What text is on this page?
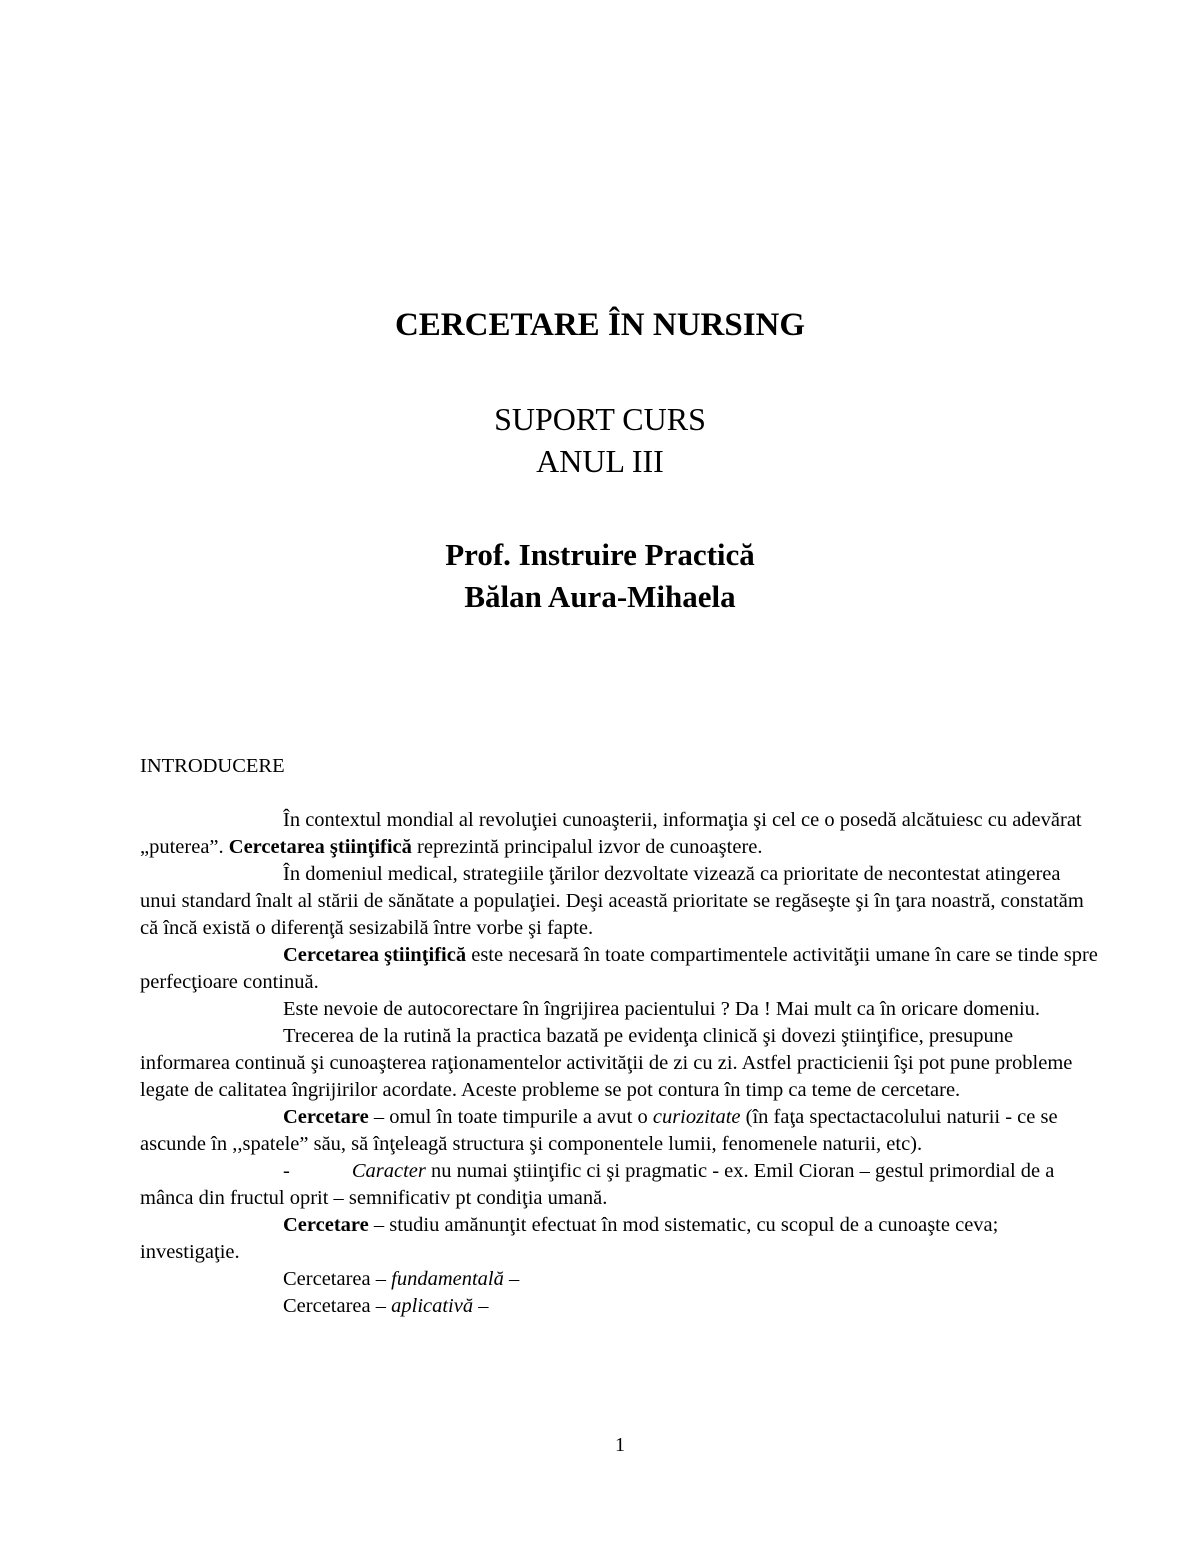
CERCETARE ÎN NURSING
SUPORT CURS
ANUL III
Prof. Instruire Practică
Bălan Aura-Mihaela

INTRODUCERE

În contextul mondial al revoluţiei cunoaşterii, informaţia şi cel ce o posedă alcătuiesc cu adevărat „puterea”. Cercetarea ştiinţifică reprezintă principalul izvor de cunoaştere.

În domeniul medical, strategiile ţărilor dezvoltate vizează ca prioritate de necontestat atingerea unui standard înalt al stării de sănătate a populaţiei. Deşi această prioritate se regăseşte şi în ţara noastră, constatăm că încă există o diferenţă sesizabilă între vorbe şi fapte.

Cercetarea ştiinţifică este necesară în toate compartimentele activităţii umane în care se tinde spre perfecţioare continuă.

Este nevoie de autocorectare în îngrijirea pacientului ? Da ! Mai mult ca în oricare domeniu.

Trecerea de la rutină la practica bazată pe evidenţa clinică şi dovezi ştiinţifice, presupune informarea continuă şi cunoaşterea raţionamentelor activităţii de zi cu zi. Astfel practicienii îşi pot pune probleme legate de calitatea îngrijirilor acordate. Aceste probleme se pot contura în timp ca teme de cercetare.

Cercetare – omul în toate timpurile a avut o curiozitate (în faţa spectactacolului naturii - ce se ascunde în ,,spatele” său, să înţeleagă structura şi componentele lumii, fenomenele naturii, etc).

-	Caracter nu numai ştiinţific ci şi pragmatic - ex. Emil Cioran – gestul primordial de a mânca din fructul oprit – semnificativ pt condiţia umană.

Cercetare – studiu amănunţit efectuat în mod sistematic, cu scopul de a cunoaşte ceva; investigaţie.

Cercetarea – fundamentală –

Cercetarea – aplicativă –

1
